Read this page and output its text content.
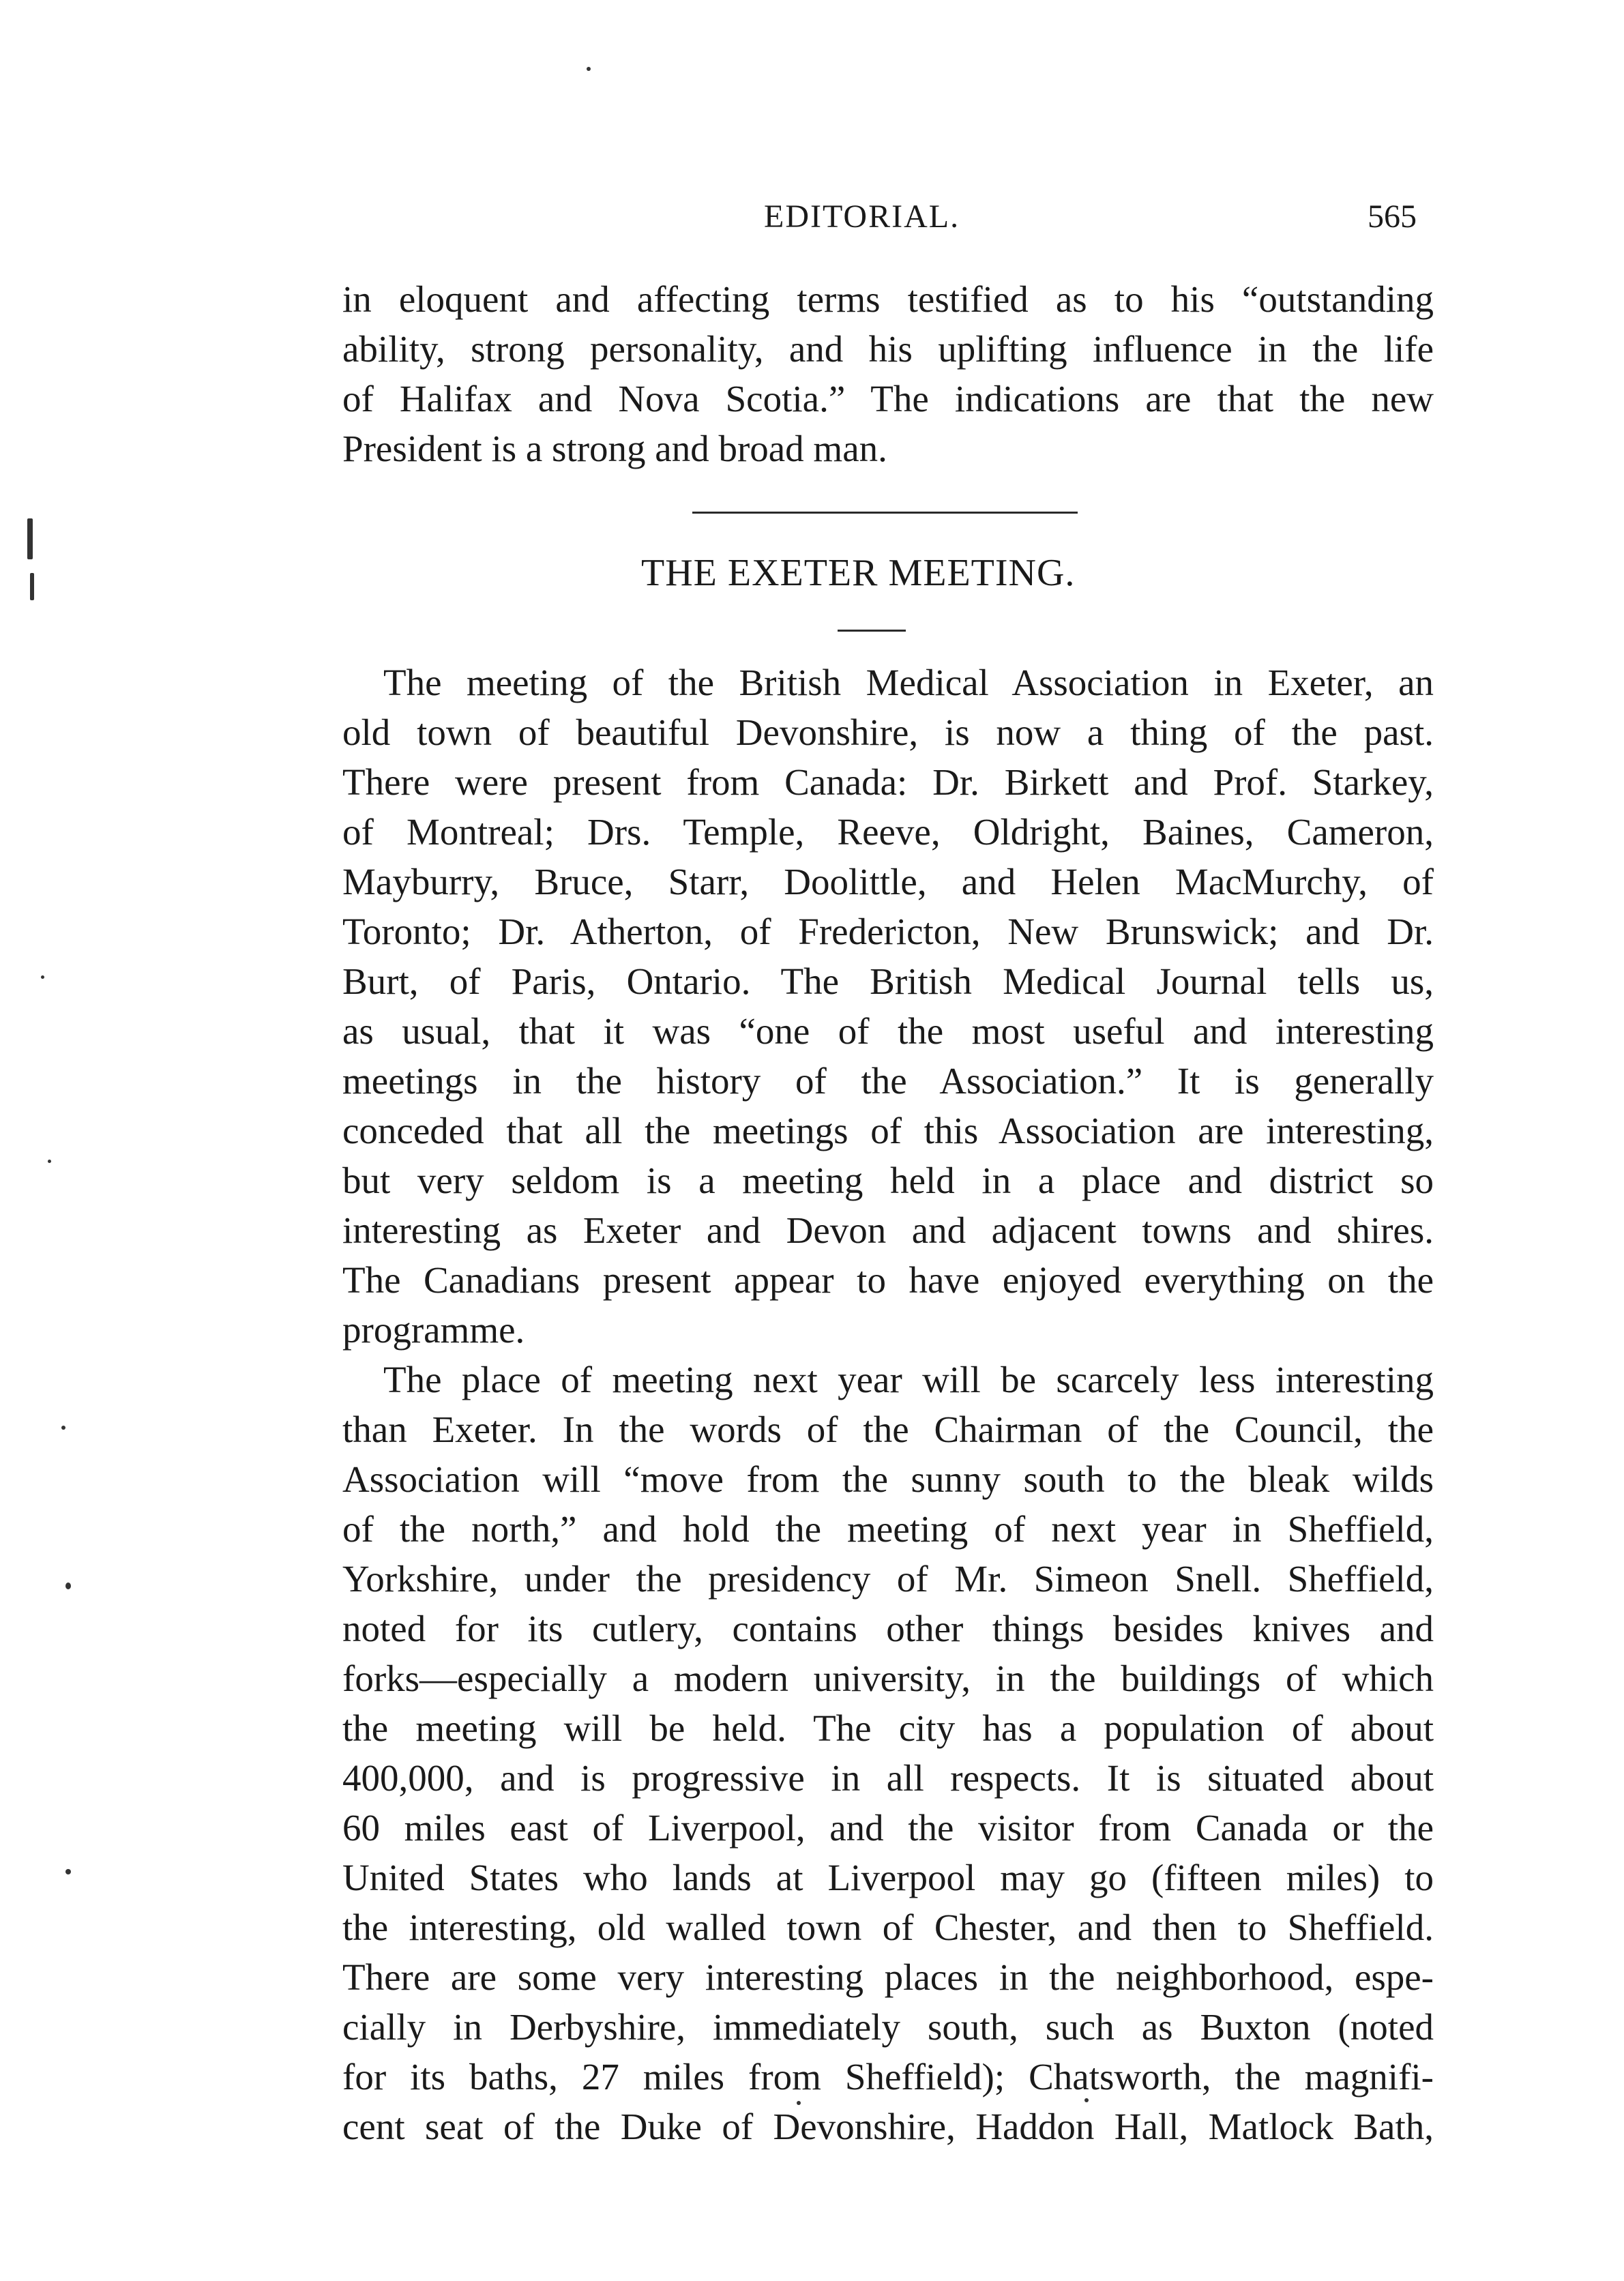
EDITORIAL.	565
in eloquent and affecting terms testified as to his “outstanding
ability, strong personality, and his uplifting influence in the life
of Halifax and Nova Scotia.” The indications are that the new
President is a strong and broad man.
THE EXETER MEETING.
The meeting of the British Medical Association in Exeter, an
old town of beautiful Devonshire, is now a thing of the past.
There were present from Canada: Dr. Birkett and Prof. Starkey,
of Montreal; Drs. Temple, Reeve, Oldright, Baines, Cameron,
Mayburry, Bruce, Starr, Doolittle, and Helen MacMurchy, of
Toronto; Dr. Atherton, of Fredericton, New Brunswick; and Dr.
Burt, of Paris, Ontario. The British Medical Journal tells us,
as usual, that it was “one of the most useful and interesting
meetings in the history of the Association.” It is generally
conceded that all the meetings of this Association are interesting,
but very seldom is a meeting held in a place and district so
interesting as Exeter and Devon and adjacent towns and shires.
The Canadians present appear to have enjoyed everything on the
programme.
The place of meeting next year will be scarcely less interesting
than Exeter. In the words of the Chairman of the Council, the
Association will “move from the sunny south to the bleak wilds
of the north,” and hold the meeting of next year in Sheffield,
Yorkshire, under the presidency of Mr. Simeon Snell. Sheffield,
noted for its cutlery, contains other things besides knives and
forks—especially a modern university, in the buildings of which
the meeting will be held. The city has a population of about
400,000, and is progressive in all respects. It is situated about
60 miles east of Liverpool, and the visitor from Canada or the
United States who lands at Liverpool may go (fifteen miles) to
the interesting, old walled town of Chester, and then to Sheffield.
There are some very interesting places in the neighborhood, espe-
cially in Derbyshire, immediately south, such as Buxton (noted
for its baths, 27 miles from Sheffield); Chatsworth, the magnifi-
cent seat of the Duke of Devonshire, Haddon Hall, Matlock Bath,
